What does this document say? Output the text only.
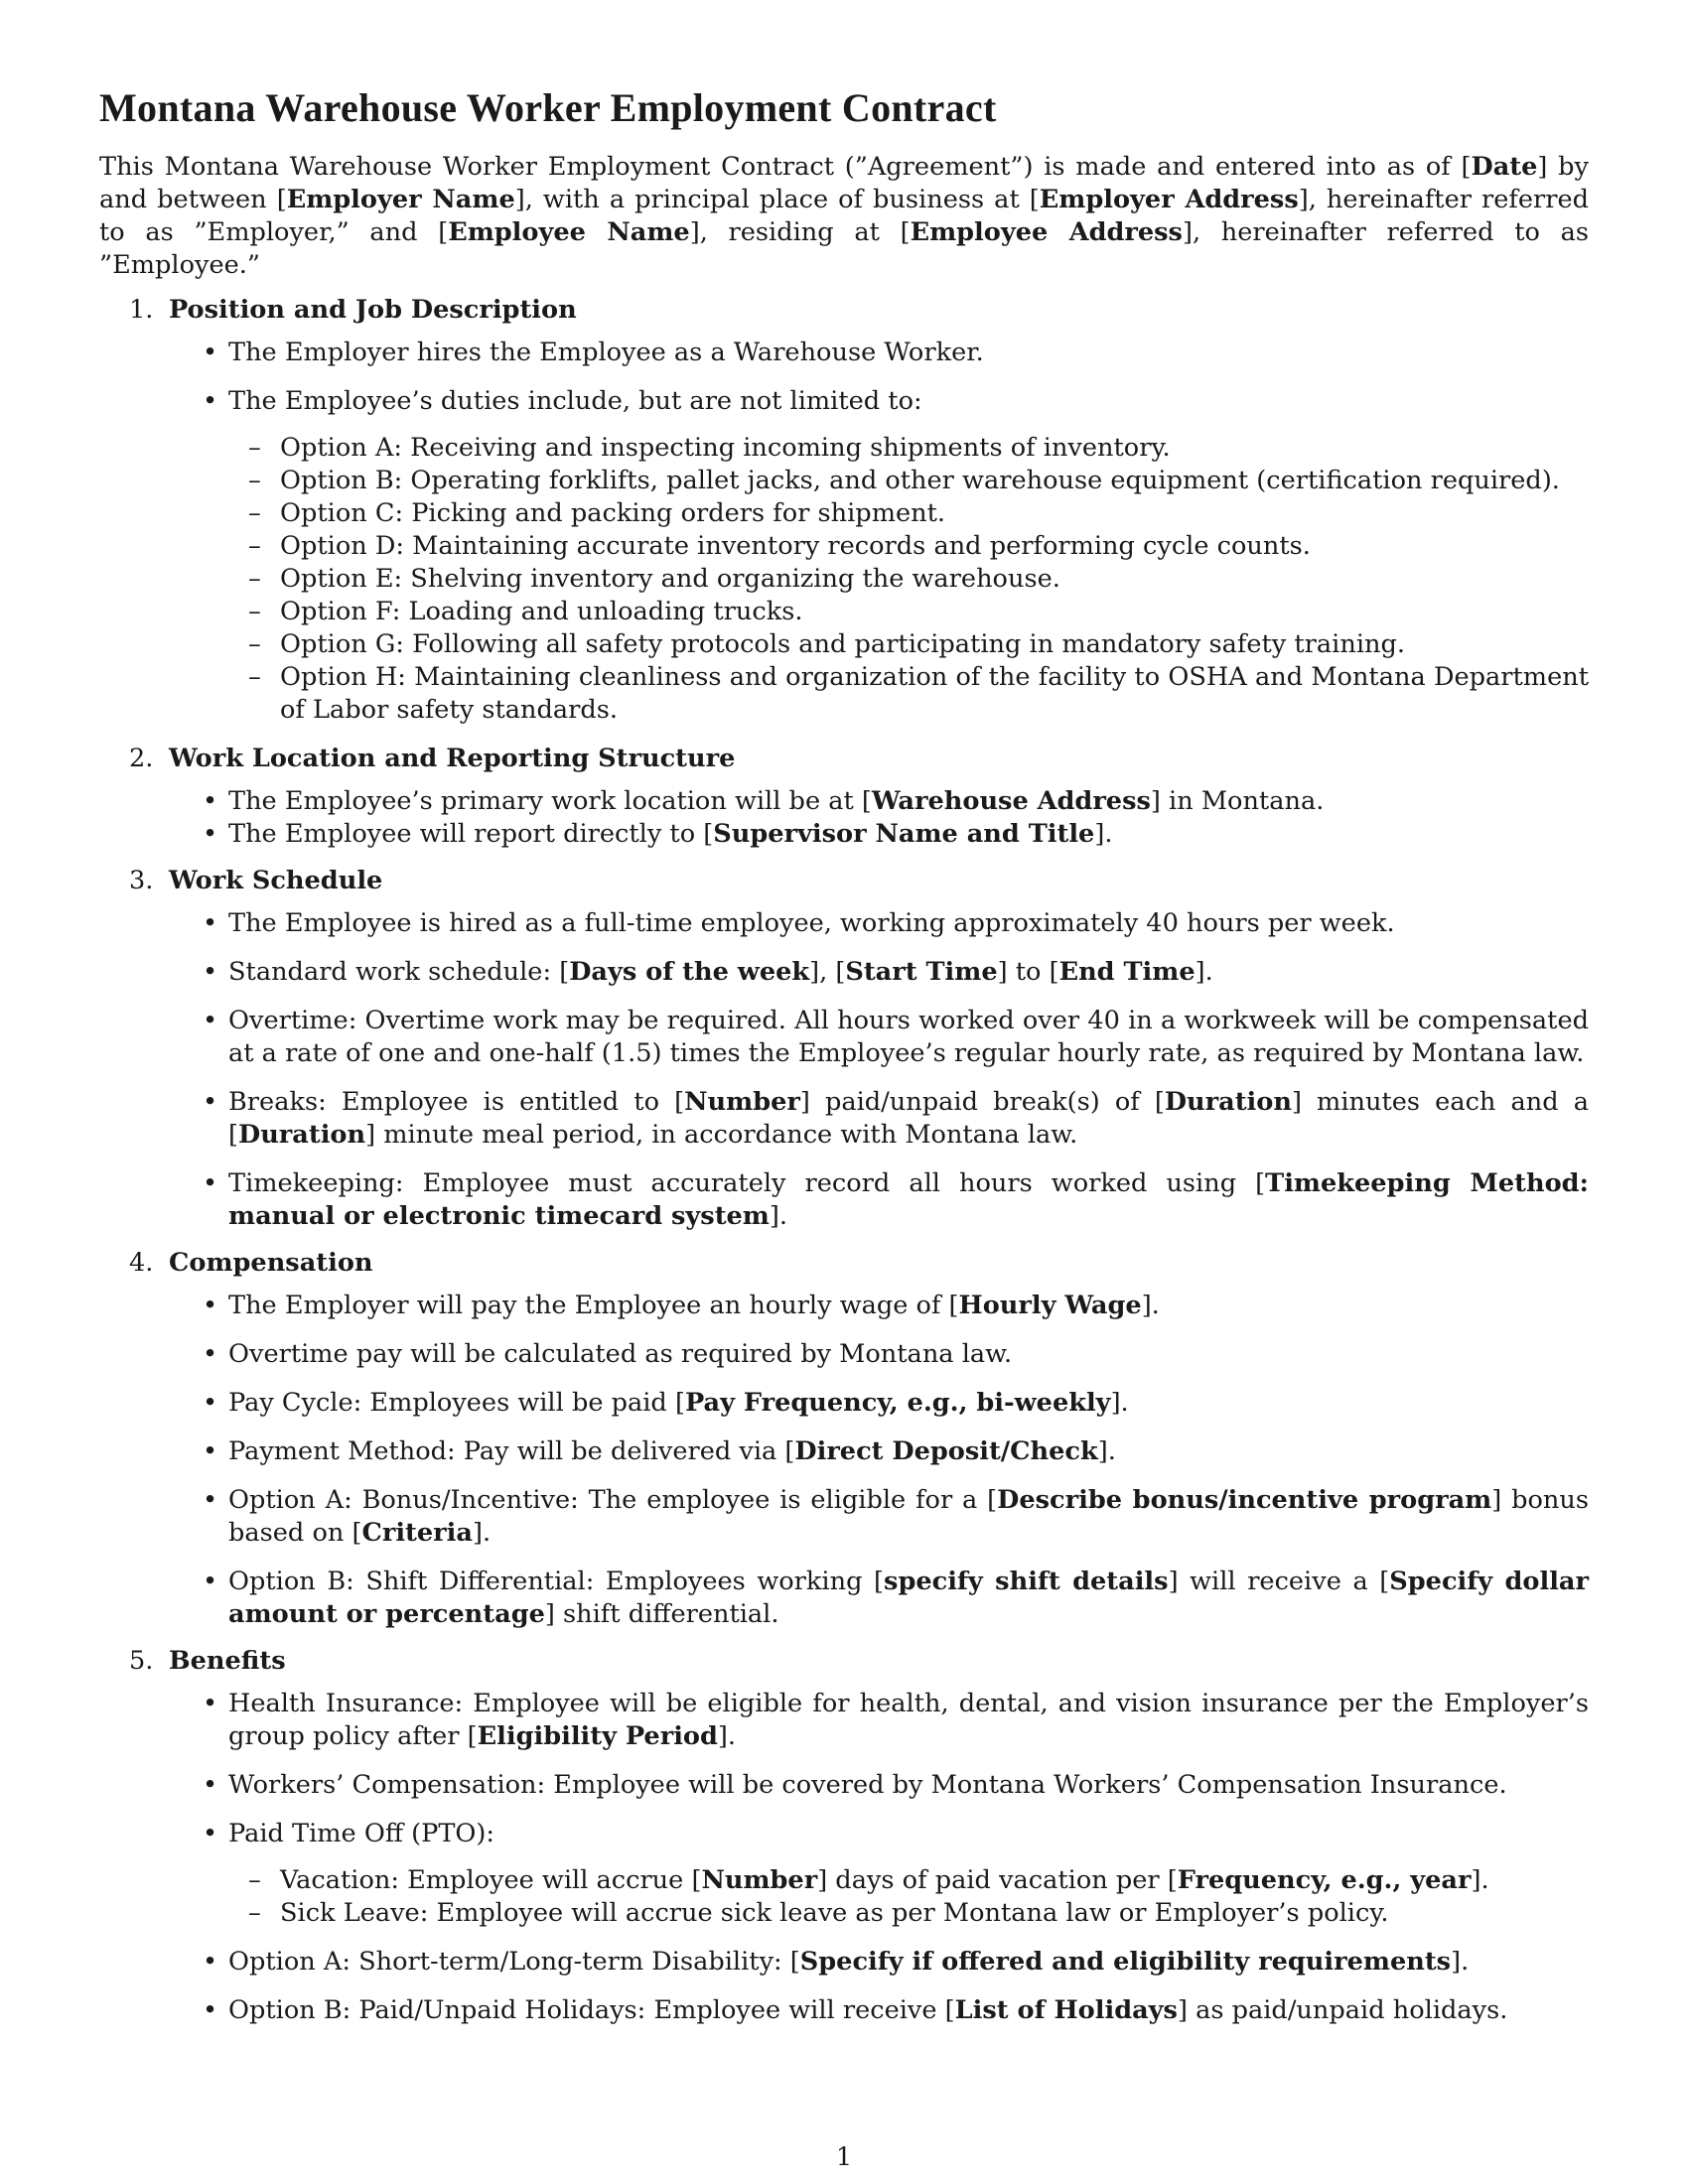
Montana Warehouse Worker Employment Contract

This Montana Warehouse Worker Employment Contract (”Agreement”) is made and entered into as of [Date] by and between [Employer Name], with a principal place of business at [Employer Address], hereinafter referred to as ”Employer,” and [Employee Name], residing at [Employee Address], hereinafter referred to as ”Employee.”

1. Position and Job Description
• The Employer hires the Employee as a Warehouse Worker.
• The Employee’s duties include, but are not limited to:
– Option A: Receiving and inspecting incoming shipments of inventory.
– Option B: Operating forklifts, pallet jacks, and other warehouse equipment (certification required).
– Option C: Picking and packing orders for shipment.
– Option D: Maintaining accurate inventory records and performing cycle counts.
– Option E: Shelving inventory and organizing the warehouse.
– Option F: Loading and unloading trucks.
– Option G: Following all safety protocols and participating in mandatory safety training.
– Option H: Maintaining cleanliness and organization of the facility to OSHA and Montana Department of Labor safety standards.
2. Work Location and Reporting Structure
• The Employee’s primary work location will be at [Warehouse Address] in Montana.
• The Employee will report directly to [Supervisor Name and Title].
3. Work Schedule
• The Employee is hired as a full-time employee, working approximately 40 hours per week.
• Standard work schedule: [Days of the week], [Start Time] to [End Time].
• Overtime: Overtime work may be required. All hours worked over 40 in a workweek will be compensated at a rate of one and one-half (1.5) times the Employee’s regular hourly rate, as required by Montana law.
• Breaks: Employee is entitled to [Number] paid/unpaid break(s) of [Duration] minutes each and a [Duration] minute meal period, in accordance with Montana law.
• Timekeeping: Employee must accurately record all hours worked using [Timekeeping Method: manual or electronic timecard system].
4. Compensation
• The Employer will pay the Employee an hourly wage of [Hourly Wage].
• Overtime pay will be calculated as required by Montana law.
• Pay Cycle: Employees will be paid [Pay Frequency, e.g., bi-weekly].
• Payment Method: Pay will be delivered via [Direct Deposit/Check].
• Option A: Bonus/Incentive: The employee is eligible for a [Describe bonus/incentive program] bonus based on [Criteria].
• Option B: Shift Differential: Employees working [specify shift details] will receive a [Specify dollar amount or percentage] shift differential.
5. Benefits
• Health Insurance: Employee will be eligible for health, dental, and vision insurance per the Employer’s group policy after [Eligibility Period].
• Workers’ Compensation: Employee will be covered by Montana Workers’ Compensation Insurance.
• Paid Time Off (PTO):
– Vacation: Employee will accrue [Number] days of paid vacation per [Frequency, e.g., year].
– Sick Leave: Employee will accrue sick leave as per Montana law or Employer’s policy.
• Option A: Short-term/Long-term Disability: [Specify if offered and eligibility requirements].
• Option B: Paid/Unpaid Holidays: Employee will receive [List of Holidays] as paid/unpaid holidays.
1
